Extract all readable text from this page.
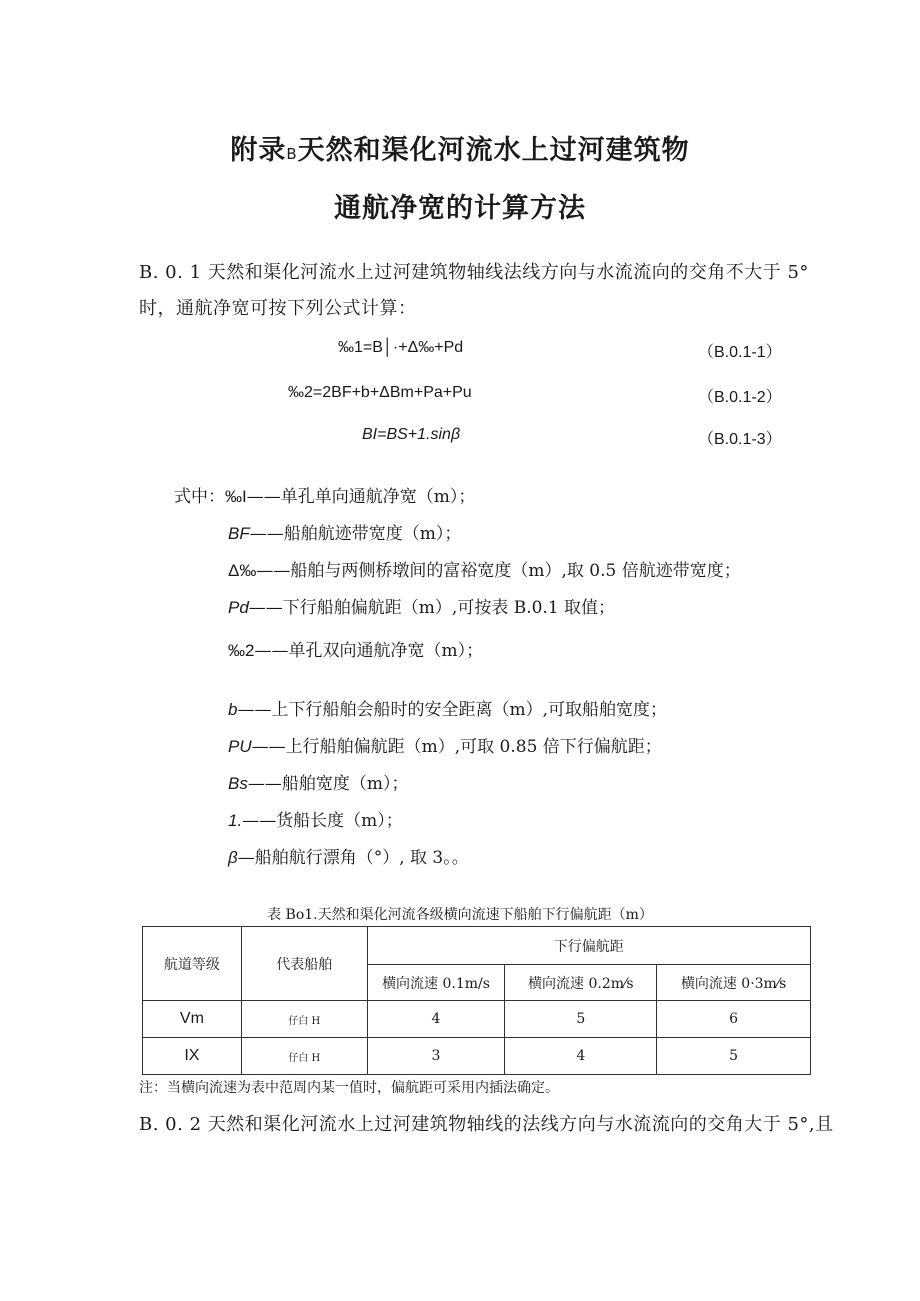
附录B天然和渠化河流水上过河建筑物
通航净宽的计算方法
B. 0. 1 天然和渠化河流水上过河建筑物轴线法线方向与水流流向的交角不大于 5°
时，通航净宽可按下列公式计算：
‰1=B│·+Δ‰+Pd	（B.0.1-1）
‰2=2BF+b+ΔBm+Pa+Pu	（B.0.1-2）
BI=BS+1.sinβ	（B.0.1-3）
式中：‰I——单孔单向通航净宽（m）；
BF——船舶航迹带宽度（m）；
Δ‰——船舶与两侧桥墩间的富裕宽度（m）,取 0.5 倍航迹带宽度；
Pd——下行船舶偏航距（m）,可按表 B.0.1 取值；
‰2——单孔双向通航净宽（m）；
b——上下行船舶会船时的安全距离（m）,可取船舶宽度；
PU——上行船舶偏航距（m）,可取 0.85 倍下行偏航距；
Bs——船舶宽度（m）；
1.——货船长度（m）；
β—船舶航行漂角（°）, 取 3。。
表 Bo1.天然和渠化河流各级横向流速下船舶下行偏航距（m）
航道等级	代表船舶	下行偏航距		
		横向流速 0.1m/s	横向流速 0.2m⁄s	横向流速 0·3m⁄s
Vm	仔白 H	4	5	6
IX	仔白 H	3	4	5
注：当横向流速为表中范周内某一值时，偏航距可采用内插法确定。
B. 0. 2 天然和渠化河流水上过河建筑物轴线的法线方向与水流流向的交角大于 5°,且
